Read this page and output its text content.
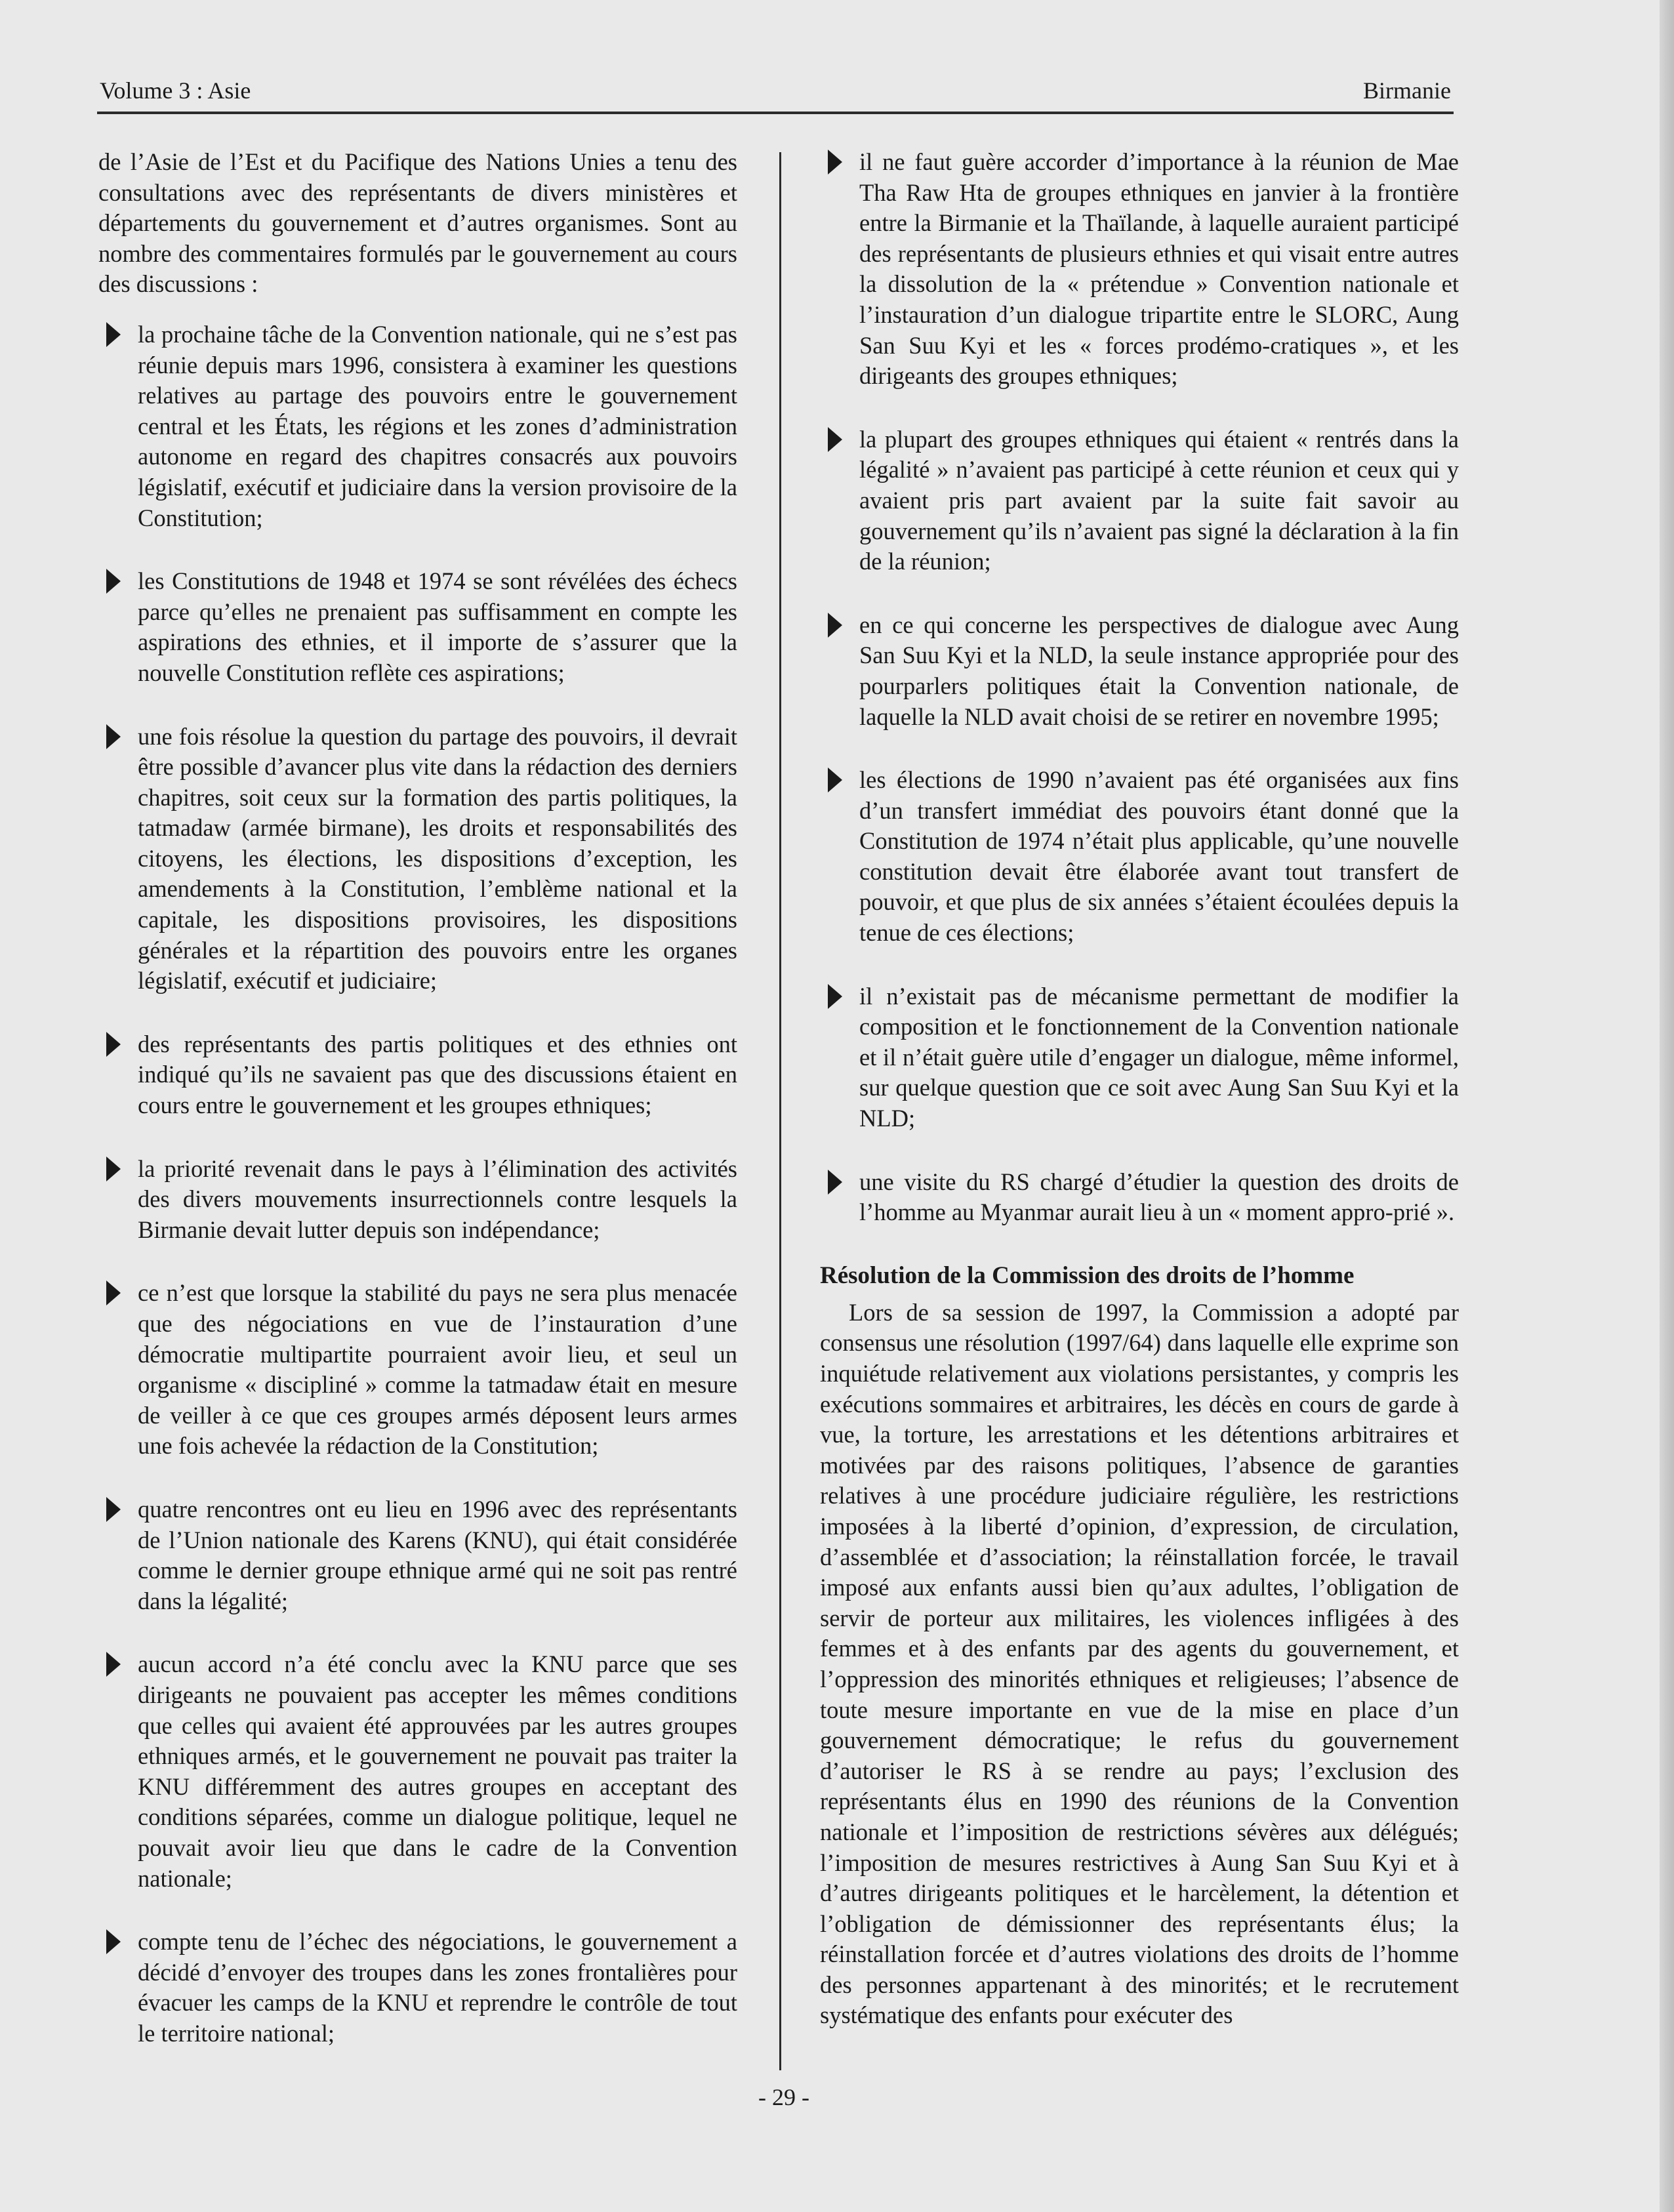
Volume 3 : Asie	Birmanie

de l’Asie de l’Est et du Pacifique des Nations Unies a tenu des consultations avec des représentants de divers ministères et départements du gouvernement et d’autres organismes. Sont au nombre des commentaires formulés par le gouvernement au cours des discussions :

la prochaine tâche de la Convention nationale, qui ne s’est pas réunie depuis mars 1996, consistera à examiner les questions relatives au partage des pouvoirs entre le gouvernement central et les États, les régions et les zones d’administration autonome en regard des chapitres consacrés aux pouvoirs législatif, exécutif et judiciaire dans la version provisoire de la Constitution;

les Constitutions de 1948 et 1974 se sont révélées des échecs parce qu’elles ne prenaient pas suffisamment en compte les aspirations des ethnies, et il importe de s’assurer que la nouvelle Constitution reflète ces aspirations;

une fois résolue la question du partage des pouvoirs, il devrait être possible d’avancer plus vite dans la rédaction des derniers chapitres, soit ceux sur la formation des partis politiques, la tatmadaw (armée birmane), les droits et responsabilités des citoyens, les élections, les dispositions d’exception, les amendements à la Constitution, l’emblème national et la capitale, les dispositions provisoires, les dispositions générales et la répartition des pouvoirs entre les organes législatif, exécutif et judiciaire;

des représentants des partis politiques et des ethnies ont indiqué qu’ils ne savaient pas que des discussions étaient en cours entre le gouvernement et les groupes ethniques;

la priorité revenait dans le pays à l’élimination des activités des divers mouvements insurrectionnels contre lesquels la Birmanie devait lutter depuis son indépendance;

ce n’est que lorsque la stabilité du pays ne sera plus menacée que des négociations en vue de l’instauration d’une démocratie multipartite pourraient avoir lieu, et seul un organisme « discipliné » comme la tatmadaw était en mesure de veiller à ce que ces groupes armés déposent leurs armes une fois achevée la rédaction de la Constitution;

quatre rencontres ont eu lieu en 1996 avec des représentants de l’Union nationale des Karens (KNU), qui était considérée comme le dernier groupe ethnique armé qui ne soit pas rentré dans la légalité;

aucun accord n’a été conclu avec la KNU parce que ses dirigeants ne pouvaient pas accepter les mêmes conditions que celles qui avaient été approuvées par les autres groupes ethniques armés, et le gouvernement ne pouvait pas traiter la KNU différemment des autres groupes en acceptant des conditions séparées, comme un dialogue politique, lequel ne pouvait avoir lieu que dans le cadre de la Convention nationale;

compte tenu de l’échec des négociations, le gouvernement a décidé d’envoyer des troupes dans les zones frontalières pour évacuer les camps de la KNU et reprendre le contrôle de tout le territoire national;

il ne faut guère accorder d’importance à la réunion de Mae Tha Raw Hta de groupes ethniques en janvier à la frontière entre la Birmanie et la Thaïlande, à laquelle auraient participé des représentants de plusieurs ethnies et qui visait entre autres la dissolution de la « prétendue » Convention nationale et l’instauration d’un dialogue tripartite entre le SLORC, Aung San Suu Kyi et les « forces prodémo-cratiques », et les dirigeants des groupes ethniques;

la plupart des groupes ethniques qui étaient « rentrés dans la légalité » n’avaient pas participé à cette réunion et ceux qui y avaient pris part avaient par la suite fait savoir au gouvernement qu’ils n’avaient pas signé la déclaration à la fin de la réunion;

en ce qui concerne les perspectives de dialogue avec Aung San Suu Kyi et la NLD, la seule instance appropriée pour des pourparlers politiques était la Convention nationale, de laquelle la NLD avait choisi de se retirer en novembre 1995;

les élections de 1990 n’avaient pas été organisées aux fins d’un transfert immédiat des pouvoirs étant donné que la Constitution de 1974 n’était plus applicable, qu’une nouvelle constitution devait être élaborée avant tout transfert de pouvoir, et que plus de six années s’étaient écoulées depuis la tenue de ces élections;

il n’existait pas de mécanisme permettant de modifier la composition et le fonctionnement de la Convention nationale et il n’était guère utile d’engager un dialogue, même informel, sur quelque question que ce soit avec Aung San Suu Kyi et la NLD;

une visite du RS chargé d’étudier la question des droits de l’homme au Myanmar aurait lieu à un « moment appro-prié ».

Résolution de la Commission des droits de l’homme

Lors de sa session de 1997, la Commission a adopté par consensus une résolution (1997/64) dans laquelle elle exprime son inquiétude relativement aux violations persistantes, y compris les exécutions sommaires et arbitraires, les décès en cours de garde à vue, la torture, les arrestations et les détentions arbitraires et motivées par des raisons politiques, l’absence de garanties relatives à une procédure judiciaire régulière, les restrictions imposées à la liberté d’opinion, d’expression, de circulation, d’assemblée et d’association; la réinstallation forcée, le travail imposé aux enfants aussi bien qu’aux adultes, l’obligation de servir de porteur aux militaires, les violences infligées à des femmes et à des enfants par des agents du gouvernement, et l’oppression des minorités ethniques et religieuses; l’absence de toute mesure importante en vue de la mise en place d’un gouvernement démocratique; le refus du gouvernement d’autoriser le RS à se rendre au pays; l’exclusion des représentants élus en 1990 des réunions de la Convention nationale et l’imposition de restrictions sévères aux délégués; l’imposition de mesures restrictives à Aung San Suu Kyi et à d’autres dirigeants politiques et le harcèlement, la détention et l’obligation de démissionner des représentants élus; la réinstallation forcée et d’autres violations des droits de l’homme des personnes appartenant à des minorités; et le recrutement systématique des enfants pour exécuter des

- 29 -
